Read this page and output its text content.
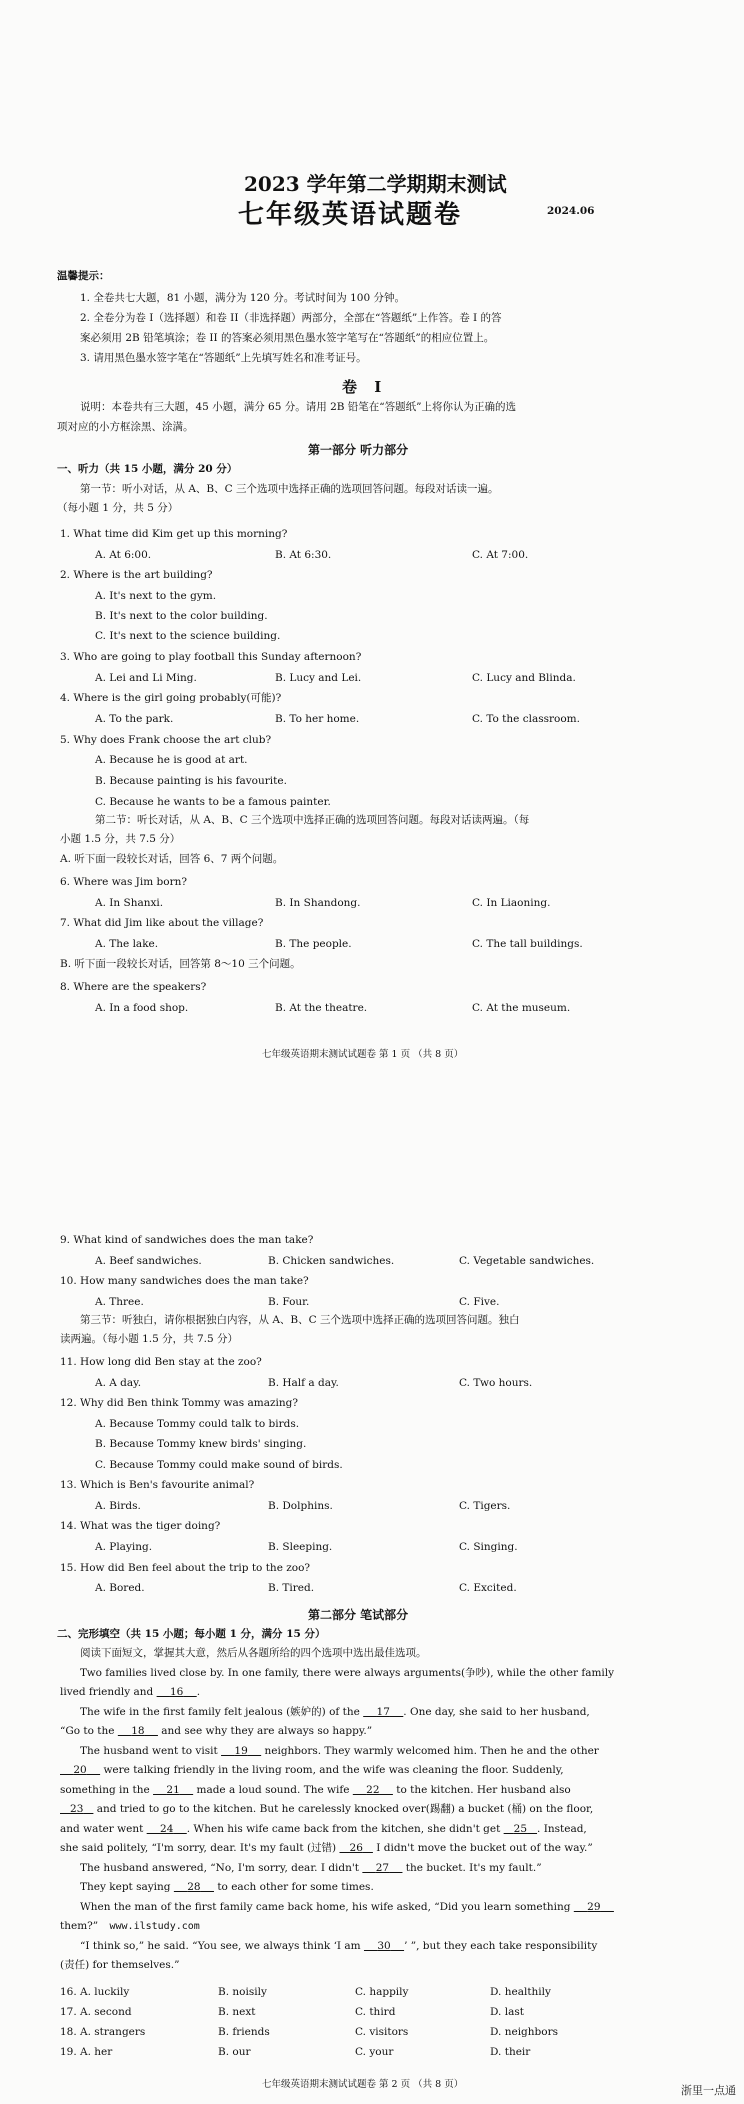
2023 学年第二学期期末测试
七年级英语试题卷	2024.06
温馨提示：
1. 全卷共七大题，81 小题，满分为 120 分。考试时间为 100 分钟。
2. 全卷分为卷 I（选择题）和卷 II（非选择题）两部分，全部在“答题纸”上作答。卷 I 的答
案必须用 2B 铅笔填涂；卷 II 的答案必须用黑色墨水签字笔写在“答题纸”的相应位置上。
3. 请用黑色墨水签字笔在“答题纸”上先填写姓名和准考证号。
卷 I
说明：本卷共有三大题，45 小题，满分 65 分。请用 2B 铅笔在“答题纸”上将你认为正确的选
项对应的小方框涂黑、涂满。
第一部分 听力部分
一、听力（共 15 小题，满分 20 分）
第一节：听小对话，从 A、B、C 三个选项中选择正确的选项回答问题。每段对话读一遍。
（每小题 1 分，共 5 分）
1. What time did Kim get up this morning?
A. At 6:00.	B. At 6:30.	C. At 7:00.
2. Where is the art building?
A. It's next to the gym.
B. It's next to the color building.
C. It's next to the science building.
3. Who are going to play football this Sunday afternoon?
A. Lei and Li Ming.	B. Lucy and Lei.	C. Lucy and Blinda.
4. Where is the girl going probably(可能)?
A. To the park.	B. To her home.	C. To the classroom.
5. Why does Frank choose the art club?
A. Because he is good at art.
B. Because painting is his favourite.
C. Because he wants to be a famous painter.
第二节：听长对话，从 A、B、C 三个选项中选择正确的选项回答问题。每段对话读两遍。（每
小题 1.5 分，共 7.5 分）
A. 听下面一段较长对话，回答 6、7 两个问题。
6. Where was Jim born?
A. In Shanxi.	B. In Shandong.	C. In Liaoning.
7. What did Jim like about the village?
A. The lake.	B. The people.	C. The tall buildings.
B. 听下面一段较长对话，回答第 8～10 三个问题。
8. Where are the speakers?
A. In a food shop.	B. At the theatre.	C. At the museum.
七年级英语期末测试试题卷 第 1 页 （共 8 页）
9. What kind of sandwiches does the man take?
A. Beef sandwiches.	B. Chicken sandwiches.	C. Vegetable sandwiches.
10. How many sandwiches does the man take?
A. Three.	B. Four.	C. Five.
第三节：听独白，请你根据独白内容，从 A、B、C 三个选项中选择正确的选项回答问题。独白
读两遍。（每小题 1.5 分，共 7.5 分）
11. How long did Ben stay at the zoo?
A. A day.	B. Half a day.	C. Two hours.
12. Why did Ben think Tommy was amazing?
A. Because Tommy could talk to birds.
B. Because Tommy knew birds' singing.
C. Because Tommy could make sound of birds.
13. Which is Ben's favourite animal?
A. Birds.	B. Dolphins.	C. Tigers.
14. What was the tiger doing?
A. Playing.	B. Sleeping.	C. Singing.
15. How did Ben feel about the trip to the zoo?
A. Bored.	B. Tired.	C. Excited.
第二部分 笔试部分
二、完形填空（共 15 小题；每小题 1 分，满分 15 分）
阅读下面短文，掌握其大意，然后从各题所给的四个选项中选出最佳选项。
Two families lived close by. In one family, there were always arguments(争吵), while the other family
lived friendly and 16 .
The wife in the first family felt jealous (嫉妒的) of the 17 . One day, she said to her husband,
“Go to the 18 and see why they are always so happy.”
The husband went to visit 19 neighbors. They warmly welcomed him. Then he and the other
20 were talking friendly in the living room, and the wife was cleaning the floor. Suddenly,
something in the 21 made a loud sound. The wife 22 to the kitchen. Her husband also
23 and tried to go to the kitchen. But he carelessly knocked over(踢翻) a bucket (桶) on the floor,
and water went 24 . When his wife came back from the kitchen, she didn't get 25 . Instead,
she said politely, “I'm sorry, dear. It's my fault (过错) 26 I didn't move the bucket out of the way.”
The husband answered, “No, I'm sorry, dear. I didn't 27 the bucket. It's my fault.”
They kept saying 28 to each other for some times.
When the man of the first family came back home, his wife asked, “Did you learn something 29
them?” www.ilstudy.com
“I think so,” he said. “You see, we always think ‘I am 30 ’ ”, but they each take responsibility
(责任) for themselves.”
16. A. luckily	B. noisily	C. happily	D. healthily
17. A. second	B. next	C. third	D. last
18. A. strangers	B. friends	C. visitors	D. neighbors
19. A. her	B. our	C. your	D. their
七年级英语期末测试试题卷 第 2 页 （共 8 页）	浙里一点通
